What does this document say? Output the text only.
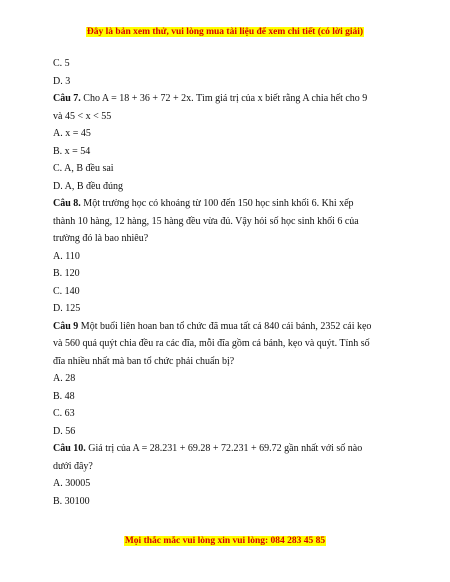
Đây là bản xem thử, vui lòng mua tài liệu để xem chi tiết (có lời giải)
C. 5
D. 3
Câu 7. Cho A = 18 + 36 + 72 + 2x. Tìm giá trị của x biết rằng A chia hết cho 9
và 45 < x < 55
A. x = 45
B. x = 54
C. A, B đều sai
D. A, B đều đúng
Câu 8. Một trường học có khoảng từ 100 đến 150 học sinh khối 6. Khi xếp
thành 10 hàng, 12 hàng, 15 hàng đều vừa đủ. Vậy hỏi số học sinh khối 6 của
trường đó là bao nhiêu?
A. 110
B. 120
C. 140
D. 125
Câu 9 Một buổi liên hoan ban tổ chức đã mua tất cả 840 cái bánh, 2352 cái kẹo
và 560 quả quýt chia đều ra các đĩa, mỗi đĩa gồm cả bánh, kẹo và quýt. Tính số
đĩa nhiều nhất mà ban tổ chức phải chuẩn bị?
A. 28
B. 48
C. 63
D. 56
Câu 10. Giá trị của A = 28.231 + 69.28 + 72.231 + 69.72 gần nhất với số nào
dưới đây?
A. 30005
B. 30100
Mọi thắc mắc vui lòng xin vui lòng: 084 283 45 85
